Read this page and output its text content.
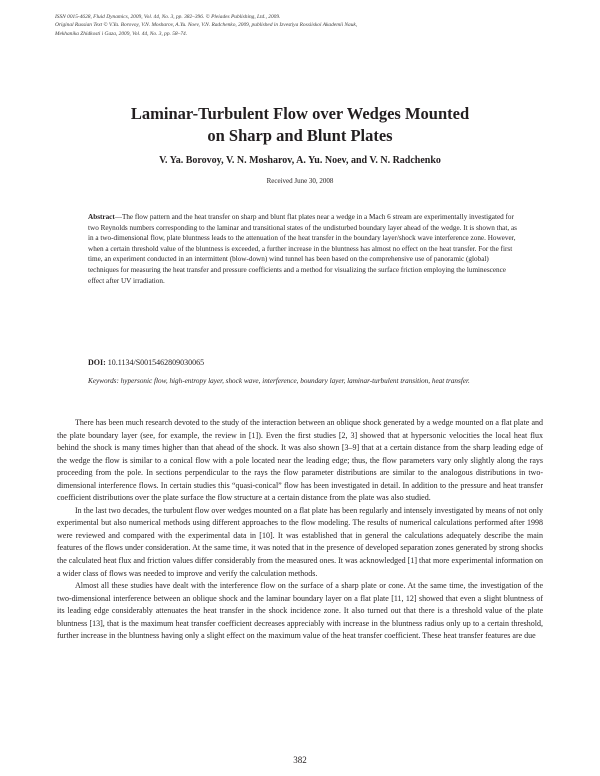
ISSN 0015-4628, Fluid Dynamics, 2009, Vol. 44, No. 3, pp. 382–396. © Pleiades Publishing, Ltd., 2009.
Original Russian Text © V.Ya. Borovoy, V.N. Mosharov, A.Yu. Noev, V.N. Radchenko, 2009, published in Izvestiya Rossiiskoi Akademii Nauk,
Mekhanika Zhidkosti i Gaza, 2009, Vol. 44, No. 3, pp. 58–74.
Laminar-Turbulent Flow over Wedges Mounted
on Sharp and Blunt Plates
V. Ya. Borovoy, V. N. Mosharov, A. Yu. Noev, and V. N. Radchenko
Received June 30, 2008

Abstract—The flow pattern and the heat transfer on sharp and blunt flat plates near a wedge in a Mach 6 stream are experimentally investigated for two Reynolds numbers corresponding to the laminar and transitional states of the undisturbed boundary layer ahead of the wedge. It is shown that, as in a two-dimensional flow, plate bluntness leads to the attenuation of the heat transfer in the boundary layer/shock wave interference zone. However, when a certain threshold value of the bluntness is exceeded, a further increase in the bluntness has almost no effect on the heat transfer. For the first time, an experiment conducted in an intermittent (blow-down) wind tunnel has been based on the comprehensive use of panoramic (global) techniques for measuring the heat transfer and pressure coefficients and a method for visualizing the surface friction employing the luminescence effect after UV irradiation.

DOI: 10.1134/S0015462809030065
Keywords: hypersonic flow, high-entropy layer, shock wave, interference, boundary layer, laminar-turbulent transition, heat transfer.

There has been much research devoted to the study of the interaction between an oblique shock generated by a wedge mounted on a flat plate and the plate boundary layer (see, for example, the review in [1]). Even the first studies [2, 3] showed that at hypersonic velocities the local heat flux behind the shock is many times higher than that ahead of the shock. It was also shown [3–9] that at a certain distance from the sharp leading edge of the wedge the flow is similar to a conical flow with a pole located near the leading edge; thus, the flow parameters vary only slightly along the rays proceeding from the pole. In sections perpendicular to the rays the flow parameter distributions are similar to the analogous distributions in two-dimensional interference flows. In certain studies this “quasi-conical” flow has been investigated in detail. In addition to the pressure and heat transfer coefficient distributions over the plate surface the flow structure at a certain distance from the plate was also studied.

In the last two decades, the turbulent flow over wedges mounted on a flat plate has been regularly and intensely investigated by means of not only experimental but also numerical methods using different approaches to the flow modeling. The results of numerical calculations performed after 1998 were reviewed and compared with the experimental data in [10]. It was established that in general the calculations adequately describe the main features of the flows under consideration. At the same time, it was noted that in the presence of developed separation zones generated by strong shocks the calculated heat flux and friction values differ considerably from the measured ones. It was acknowledged [1] that more experimental information on a wider class of flows was needed to improve and verify the calculation methods.

Almost all these studies have dealt with the interference flow on the surface of a sharp plate or cone. At the same time, the investigation of the two-dimensional interference between an oblique shock and the laminar boundary layer on a flat plate [11, 12] showed that even a slight bluntness of its leading edge considerably attenuates the heat transfer in the shock incidence zone. It also turned out that there is a threshold value of the plate bluntness [13], that is the maximum heat transfer coefficient decreases appreciably with increase in the bluntness radius only up to a certain threshold, further increase in the bluntness having only a slight effect on the maximum value of the heat transfer coefficient. These heat transfer features are due

382
